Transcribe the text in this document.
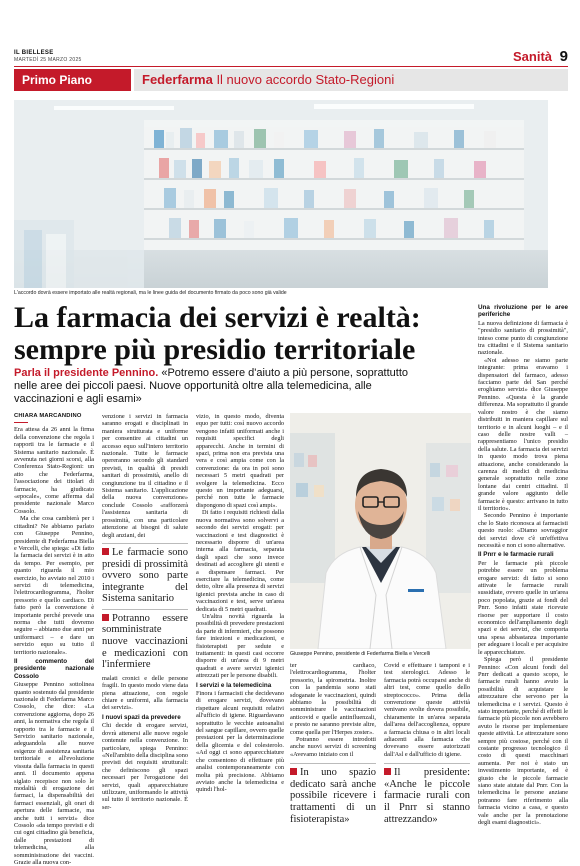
IL BIELLESE
MARTEDÌ 25 MARZO 2025	Sanità 9
Primo Piano	Federfarma Il nuovo accordo Stato-Regioni
L'accordo dovrà essere importato alle realtà regionali, ma le linee guida del documento firmato da poco sono già valide
La farmacia dei servizi è realtà: sempre più presidio territoriale
Parla il presidente Pennino. «Potremo essere d'aiuto a più persone, soprattutto nelle aree dei piccoli paesi. Nuove opportunità oltre alla telemedicina, alle vaccinazioni e agli esami»
CHIARA MARCANDINO

Era attesa da 26 anni la firma della convenzione che regola i rapporti tra le farmacie e il Sistema sanitario nazionale. È avvenuta nei giorni scorsi, alla Conferenza Stato-Regioni: un atto che Federfarma, l'associazione dei titolari di farmacie, ha giudicato «epocale», come afferma dal presidente nazionale Marco Cossolo.

Ma che cosa cambierà per i cittadini? Ne abbiamo parlato con Giuseppe Pennino, presidente di Federfarma Biella e Vercelli, che spiega: «Di fatto la farmacia dei servizi è in atto da tempo. Per esempio, per quanto riguarda il mio esercizio, ho avviato nel 2010 i servizi di telemedicina, l'elettrocardiogramma, l'holter pressorio e quello cardiaco. Di fatto però la convenzione è importante perché prevede una norma che tutti dovremo seguire – abbiamo due anni per uniformarci – e dare un servizio equo su tutto il territorio nazionale».

Il commento del presidente nazionale Cossolo

Giuseppe Pennino sottolinea quanto sostenuto dal presidente nazionale di Federfarma Marco Cossolo, che dice: «La convenzione aggiorna, dopo 26 anni, la normativa che regola il rapporto tra le farmacie e il Servizio sanitario nazionale, adeguandola alle nuove esigenze di assistenza sanitaria territoriale e all'evoluzione vissuta dalla farmacia in questi anni. Il documento appena siglato recepisce non solo le modalità di erogazione dei farmaci, la dispensabilità dei farmaci essenziali, gli orari di apertura delle farmacie, ma anche tutti i servizi» dice Cossolo «da tempo previsti e di cui ogni cittadino già beneficia, dalle prestazioni di telemedicina, alla somministrazione dei vaccini. Grazie alla nuova con-

venzione i servizi in farmacia saranno erogati e disciplinati in maniera strutturata e uniforme per consentire ai cittadini un accesso equo sull'intero territorio nazionale. Tutte le farmacie opereranno secondo gli standard previsti, in qualità di presidi sanitari di prossimità, anello di congiunzione tra il cittadino e il Sistema sanitario. L'applicazione della nuova convenzione» conclude Cossolo «rafforzerà l'assistenza sanitaria di prossimità, con una particolare attenzione ai bisogni di salute degli anziani, dei

Le farmacie sono presidi di prossimità ovvero sono parte integrante del Sistema sanitario
Potranno essere somministrate nuove vaccinazioni e medicazioni con l'infermiere

malati cronici e delle persone fragili. In questo modo viene data piena attuazione, con regole chiare e uniformi, alla farmacia dei servizi».

I nuovi spazi da prevedere

Chi decide di erogare servizi, dovrà attenersi alle nuove regole contenute nella convenzione. In particolare, spiega Pennino: «Nell'ambito della disciplina sono previsti dei requisiti strutturali: che definiscono gli spazi necessari per l'erogazione dei servizi, quali apparecchiature utilizzare, uniformando le attività sul tutto il territorio nazionale. È ser-

vizio, in questo modo, diventa equo per tutti: così nuovo accordo vengono infatti uniformati anche i requisiti specifici degli apparecchi. Anche in termini di spazi, prima non era prevista una vera e così ampia come con la convenzione: da ora in poi sono necessari 5 metri quadrati per svolgere la telemedicina. Ecco questo un importante adeguarsi, perché non tutte le farmacie dispongono di spazi così ampi».

Di fatto i requisiti richiesti dalla nuova normativa sono solvervi a secondo dei servizi erogati: per vaccinazioni e test diagnostici è necessario disporre di un'area interna alla farmacia, separata dagli spazi che sono invece destinati ad accogliere gli utenti e a dispensare farmaci. Per esercitare la telemedicina, come detto, oltre alla presenza di servizi igienici prevista anche in caso di vaccinazioni e test, serve un'area dedicata di 5 metri quadrati.

Un'altra novità riguarda la possibilità di prevedere prestazioni da parte di infermieri, che possono fare iniezioni e medicazioni, e fisioterapisti per sedute e trattamenti: in questi casi occorre disporre di un'area di 9 metri quadrati e avere servizi igienici attrezzati per le persone disabili.

I servizi e la telemedicina

Finora i farmacisti che decidevano di erogare servizi, dovevano rispettare alcuni requisiti relativi all'ufficio di igiene. Riguardavano soprattutto le vecchie autoanalisi del sangue capillare, ovvero quelle prestazioni per la determinazione della glicemia e del colesterolo. «Ad oggi ci sono apparecchiature che consentono di effettuare più analisi contemporaneamente con molta più precisione. Abbiamo avviato anche la telemedicina e quindi l'hol-

Giuseppe Pennino, presidente di Federfarma Biella e Vercelli

ter cardiaco, l'elettrocardiogramma, l'holter pressorio, la spirometria. Inoltre con la pandemia sono stati sdoganate le vaccinazioni, quindi abbiamo la possibilità di somministrare le vaccinazioni anticovid e quelle antinfluenzali, e presto ne saranno previste altre, come quella per l'Herpes zoster».

Potranno essere introdotti anche nuovi servizi di screening «Avevamo iniziato con il

In uno spazio dedicato sarà anche possibile ricevere i trattamenti di un fisioterapista»

Covid e effettuare i tamponi e i test sierologici. Adesso le farmacia potrà occuparsi anche di altri test, come quello dello streptococco». Prima della convenzione queste attività venivano svolte dovera possibile, chiaramente in un'area separata dall'area dell'accoglienza, oppure a farmacia chiusa o in altri locali adiacenti alla farmacia che dovevano essere autorizzati dall'Asl e dall'ufficio di igiene.

Il presidente: «Anche le piccole farmacie rurali con il Pnrr si stanno attrezzando»
Una rivoluzione per le aree periferiche

La nuova definizione di farmacia è "presidio sanitario di prossimità", inteso come punto di congiunzione tra cittadini e il Sistema sanitario nazionale.

«Noi adesso ne siamo parte integrante: prima eravamo i dispensatori del farmaco, adesso facciamo parte del San perché eroghiamo servizi» dice Giuseppe Pennino. «Questa è la grande differenza. Ma soprattutto il grande valore nostro è che siamo distribuiti in maniera capillare sul territorio e in alcuni luoghi – e il caso delle nostre valli – rappresentiamo l'unico presidio della salute. La farmacia dei servizi in questo modo trova piena attuazione, anche considerando la carenza di medici di medicina generale soprattutto nelle zone lontane dai centri cittadini. Il grande valore aggiunto delle farmacie è questo: arrivano in tutto il territorio».

Secondo Pennino è importante che lo Stato riconosca ai farmacisti questo ruolo: «Diamo sovraggior dei servizi dove c'è un'effettiva necessità e non ci sono alternative.

Il Pnrr e le farmacie rurali

Per le farmacie più piccole potrebbe essere un problema erogare servizi: di fatto si sono attivate le farmacie rurali sussidiate, ovvero quelle in un'area poco popolata, grazie ai fondi del Pnrr. Sono infatti state ricevute risorse per supportare il costo economico dell'ampliamento degli spazi e dei servizi, che comporta una spesa abbastanza importante per adeguare i locali e per acquisire le apparecchiature.

Spiega però il presidente Pennino: «Con alcuni fondi del Pnrr dedicati a questo scopo, le farmacie rurali hanno avuto la possibilità di acquistare le attrezzature che servono per la telemedicina e i servizi. Questo è stato importante, perché di effetti le farmacie più piccole non avrebbero avuto le risorse per implementare queste attività. Le attrezzature sono sempre più costose, perché con il costante progresso tecnologico il costo di questi macchinari aumenta. Per noi è stato un investimento importante, ed è giusto che le piccole farmacie siano state aiutate dal Pnrr. Con la telemedicina le persone anziane potranno fare riferimento alla farmacia vicino a casa, e questo vale anche per la prenotazione degli esami diagnostici».
